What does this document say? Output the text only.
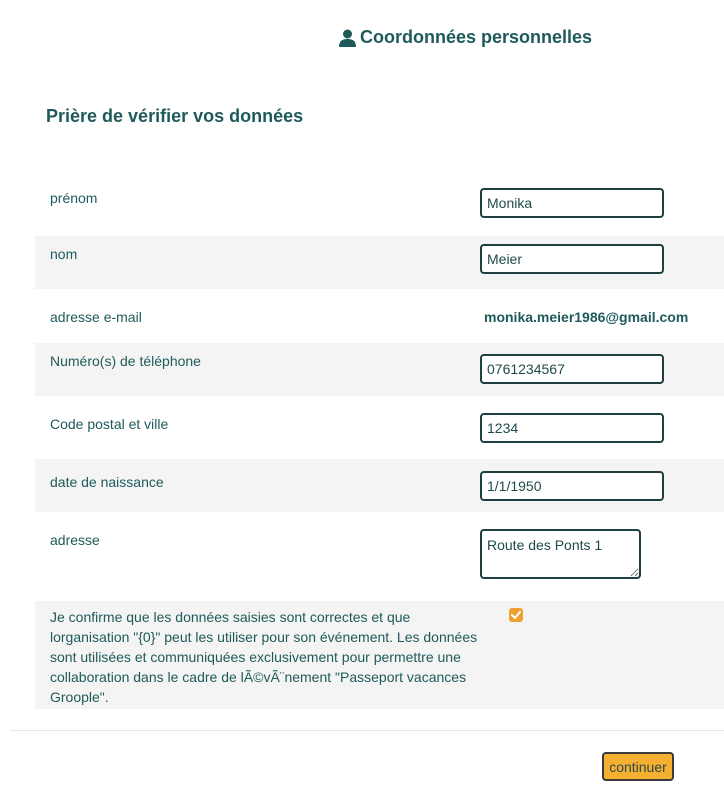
Coordonnées personnelles
Prière de vérifier vos données
prénom
Monika
nom
Meier
adresse e-mail	monika.meier1986@gmail.com
Numéro(s) de téléphone
0761234567
Code postal et ville
1234
date de naissance
1/1/1950
adresse
Route des Ponts 1
Je confirme que les données saisies sont correctes et que lorganisation "{0}" peut les utiliser pour son événement. Les données sont utilisées et communiquées exclusivement pour permettre une collaboration dans le cadre de lÃ©vÃ¨nement "Passeport vacances Groople".
continuer
